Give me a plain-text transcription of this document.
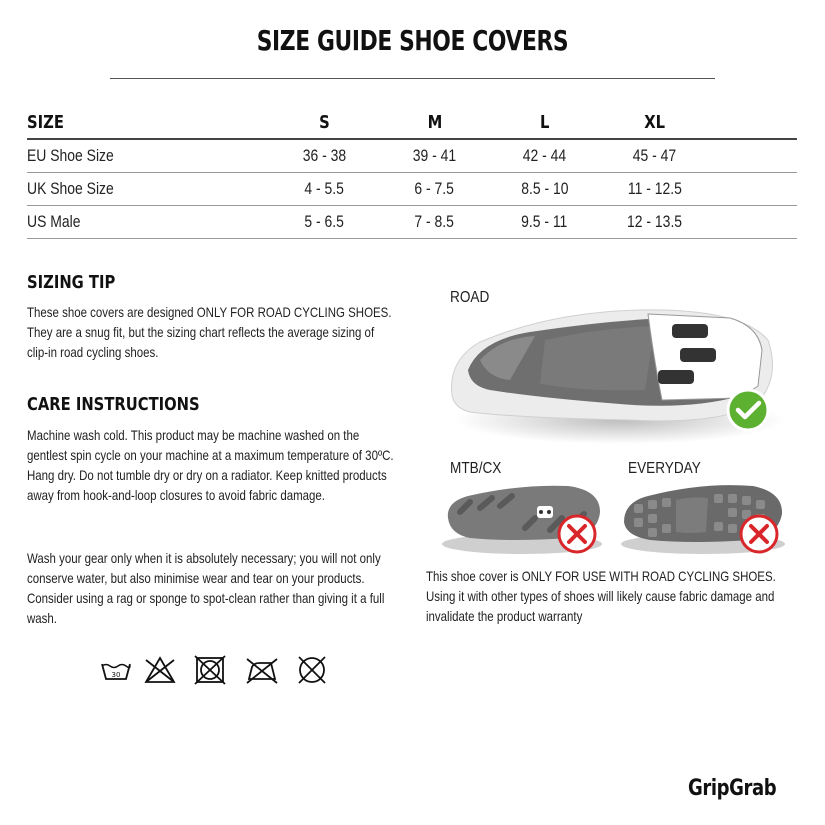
SIZE GUIDE SHOE COVERS
SIZE	S	M	L	XL	
EU Shoe Size	36 - 38	39 - 41	42 - 44	45 - 47	
UK Shoe Size	4 - 5.5	6 - 7.5	8.5 - 10	11 - 12.5	
US Male	5 - 6.5	7 - 8.5	9.5 - 11	12 - 13.5	
SIZING TIP

These shoe covers are designed ONLY FOR ROAD CYCLING SHOES. They are a snug fit, but the sizing chart reflects the average sizing of clip-in road cycling shoes.

CARE INSTRUCTIONS

Machine wash cold. This product may be machine washed on the gentlest spin cycle on your machine at a maximum temperature of 30ºC. Hang dry. Do not tumble dry or dry on a radiator. Keep knitted products away from hook-and-loop closures to avoid fabric damage.

Wash your gear only when it is absolutely necessary; you will not only conserve water, but also minimise wear and tear on your products. Consider using a rag or sponge to spot-clean rather than giving it a full wash.

30
ROAD
MTB/CX	EVERYDAY

This shoe cover is ONLY FOR USE WITH ROAD CYCLING SHOES. Using it with other types of shoes will likely cause fabric damage and invalidate the product warranty

GripGrab
